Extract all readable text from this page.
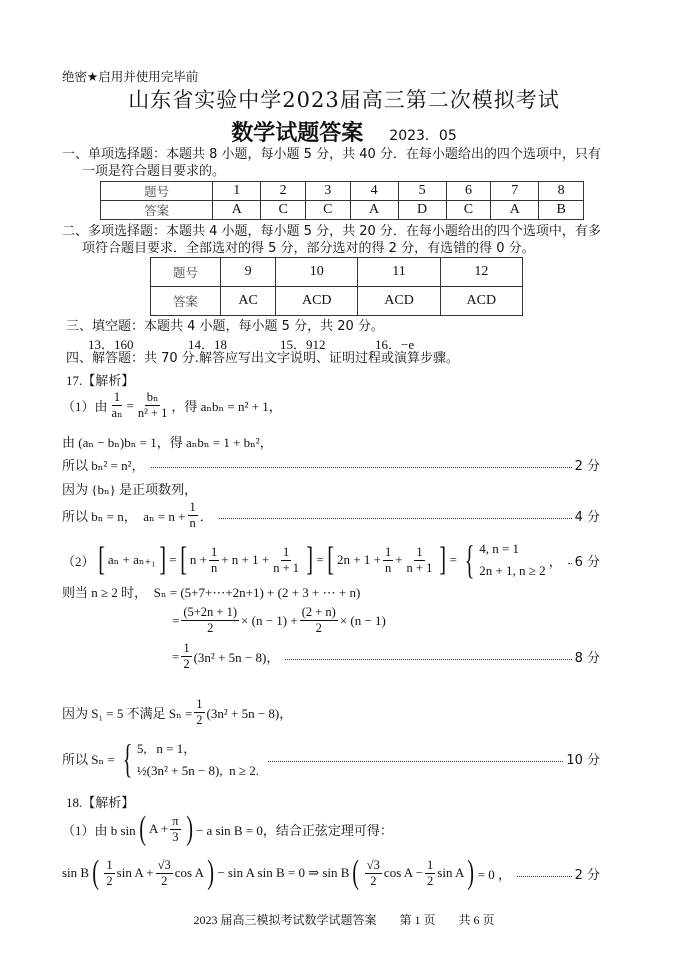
绝密★启用并使用完毕前
山东省实验中学2023届高三第二次模拟考试
数学试题答案 2023．05
一、单项选择题：本题共 8 小题，每小题 5 分，共 40 分．在每小题给出的四个选项中，只有
一项是符合题目要求的。
题号	1	2	3	4	5	6	7	8
答案	A	C	C	A	D	C	A	B
二、多项选择题：本题共 4 小题，每小题 5 分，共 20 分．在每小题给出的四个选项中，有多
项符合题目要求．全部选对的得 5 分，部分选对的得 2 分，有选错的得 0 分。
题号	9	10	11	12
答案	AC	ACD	ACD	ACD
三、填空题：本题共 4 小题，每小题 5 分，共 20 分。
13．160	14．18	15．912	16．−e
四、解答题：共 70 分.解答应写出文字说明、证明过程或演算步骤。
17.【解析】
（1）由 $\frac{1}{\text{aₙ}} = \frac{\text{bₙ}}{\text{n² + 1}}$ ，得 aₙbₙ = n² + 1，
由 (aₙ − bₙ)bₙ = 1，得 aₙbₙ = 1 + bₙ²，
所以 bₙ² = n²，	2 分
因为 {bₙ} 是正项数列，
所以 bₙ = n，  $a_n = n + \frac{1}{n}$ ．	4 分
（2） [ aₙ + aₙ₊₁ ] = [ $n + \frac{1}{n} + n + 1 + \frac{1}{n + 1}$ ] = [ $2n + 1 + \frac{1}{n} + \frac{1}{n + 1}$ ] = { 4, n = 1
2n + 1, n ≥ 2
， 6 分
则当 n ≥ 2 时，  Sₙ = (5+7+⋯+2n+1) + (2 + 3 + ⋯ + n)
= $\frac{(5+2n + 1)}{2} \times (n - 1) + \frac{(2 + n)}{2} \times (n - 1)$
= $\frac{1}{2} (3n^2 + 5n - 8)$，	8 分
因为 S₁ = 5 不满足 $S_n = \frac{1}{2} (3n^2 + 5n - 8)$，
所以 Sₙ = { 5,   n = 1，
½(3n² + 5n − 8),  n ≥ 2.
10 分
18.【解析】
（1）由 b sin ( $A + \frac{\pi}{3}$ ) − a sin B = 0，结合正弦定理可得：
sin B ( $\frac{1}{2}$ $\sin A + \frac{√3}{2}$ cos A ) − sin A sin B = 0 ⇒ sin B ( $\frac{√3}{2}$ $\cos A - \frac{1}{2}$ sin A ) = 0 ，	2 分
2023 届高三模拟考试数学试题答案 第 1 页 共 6 页
